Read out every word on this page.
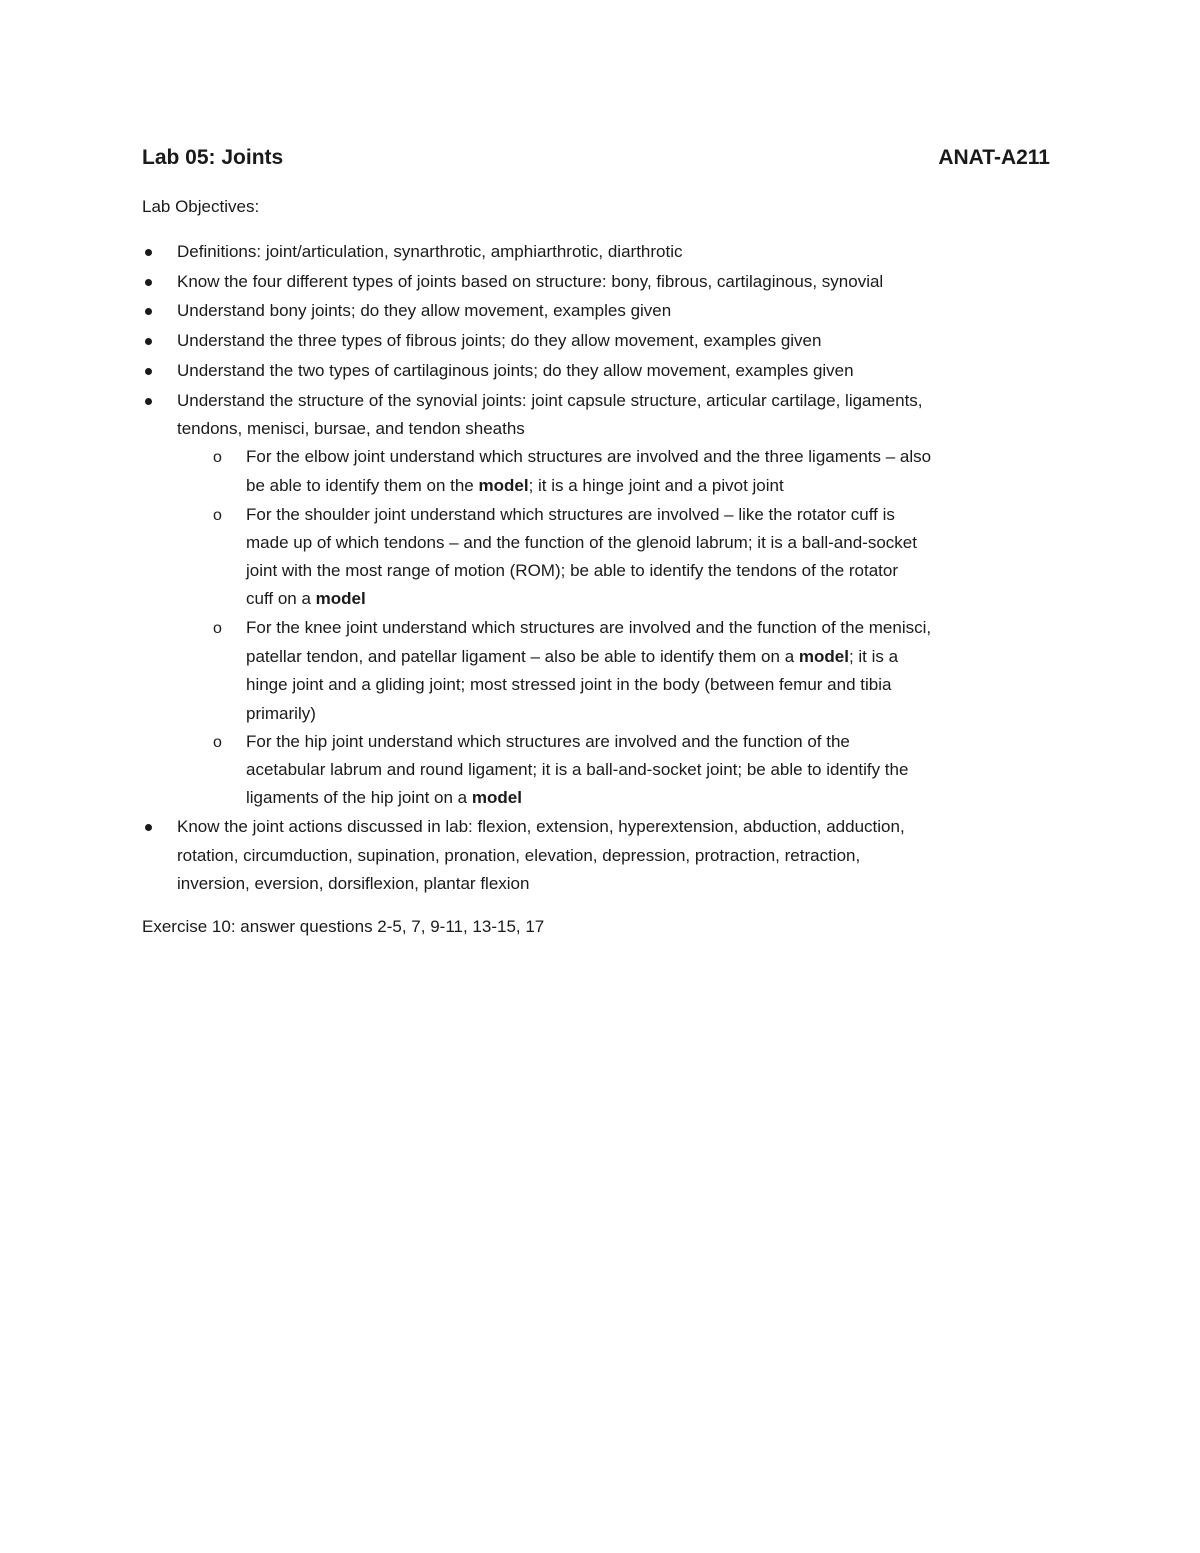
Lab 05: Joints	ANAT-A211
Lab Objectives:
Definitions: joint/articulation, synarthrotic, amphiarthrotic, diarthrotic
Know the four different types of joints based on structure: bony, fibrous, cartilaginous, synovial
Understand bony joints; do they allow movement, examples given
Understand the three types of fibrous joints; do they allow movement, examples given
Understand the two types of cartilaginous joints; do they allow movement, examples given
Understand the structure of the synovial joints: joint capsule structure, articular cartilage, ligaments,
tendons, menisci, bursae, and tendon sheaths
o For the elbow joint understand which structures are involved and the three ligaments – also
be able to identify them on the model; it is a hinge joint and a pivot joint
o For the shoulder joint understand which structures are involved – like the rotator cuff is
made up of which tendons – and the function of the glenoid labrum; it is a ball-and-socket
joint with the most range of motion (ROM); be able to identify the tendons of the rotator
cuff on a model
o For the knee joint understand which structures are involved and the function of the menisci,
patellar tendon, and patellar ligament – also be able to identify them on a model; it is a
hinge joint and a gliding joint; most stressed joint in the body (between femur and tibia
primarily)
o For the hip joint understand which structures are involved and the function of the
acetabular labrum and round ligament; it is a ball-and-socket joint; be able to identify the
ligaments of the hip joint on a model
Know the joint actions discussed in lab: flexion, extension, hyperextension, abduction, adduction,
rotation, circumduction, supination, pronation, elevation, depression, protraction, retraction,
inversion, eversion, dorsiflexion, plantar flexion
Exercise 10: answer questions 2-5, 7, 9-11, 13-15, 17
